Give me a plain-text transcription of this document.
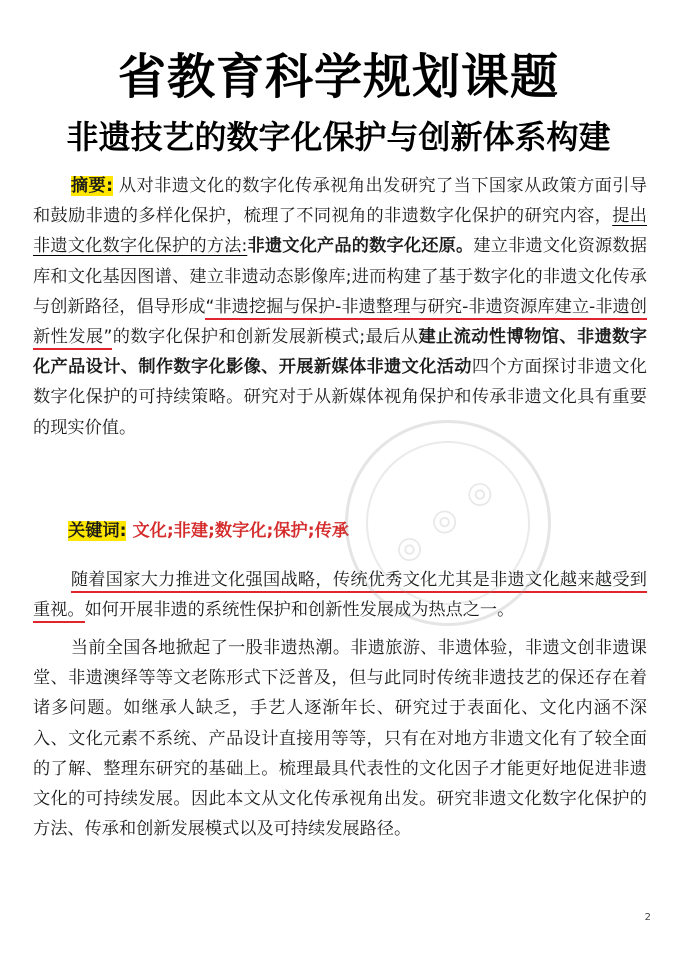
省教育科学规划课题
非遗技艺的数字化保护与创新体系构建
摘要: 从对非遗文化的数字化传承视角出发研究了当下国家从政策方面引导和鼓励非遗的多样化保护，梳理了不同视角的非遗数字化保护的研究内容，提出非遗文化数字化保护的方法:非遗文化产品的数字化还原。建立非遗文化资源数据库和文化基因图谱、建立非遗动态影像库;进而构建了基于数字化的非遗文化传承与创新路径，倡导形成“非遗挖掘与保护-非遗整理与研究-非遗资源库建立-非遗创新性发展”的数字化保护和创新发展新模式;最后从建止流动性博物馆、非遗数字化产品设计、制作数字化影像、开展新媒体非遗文化活动四个方面探讨非遗文化数字化保护的可持续策略。研究对于从新媒体视角保护和传承非遗文化具有重要的现实价值。
关键词: 文化;非建;数字化;保护;传承
随着国家大力推进文化强国战略，传统优秀文化尤其是非遗文化越来越受到重视。如何开展非遗的系统性保护和创新性发展成为热点之一。
当前全国各地掀起了一股非遗热潮。非遗旅游、非遗体验，非遗文创非遗课堂、非遗澳绎等等文老陈形式下泛普及，但与此同时传统非遗技艺的保还存在着诸多问题。如继承人缺乏，手艺人逐渐年长、研究过于表面化、文化内涵不深入、文化元素不系统、产品设计直接用等等，只有在对地方非遗文化有了较全面的了解、整理东研究的基础上。梳理最具代表性的文化因子才能更好地促进非遗文化的可持续发展。因此本文从文化传承视角出发。研究非遗文化数字化保护的方法、传承和创新发展模式以及可持续发展路径。
2
◎ ◎ ◎
